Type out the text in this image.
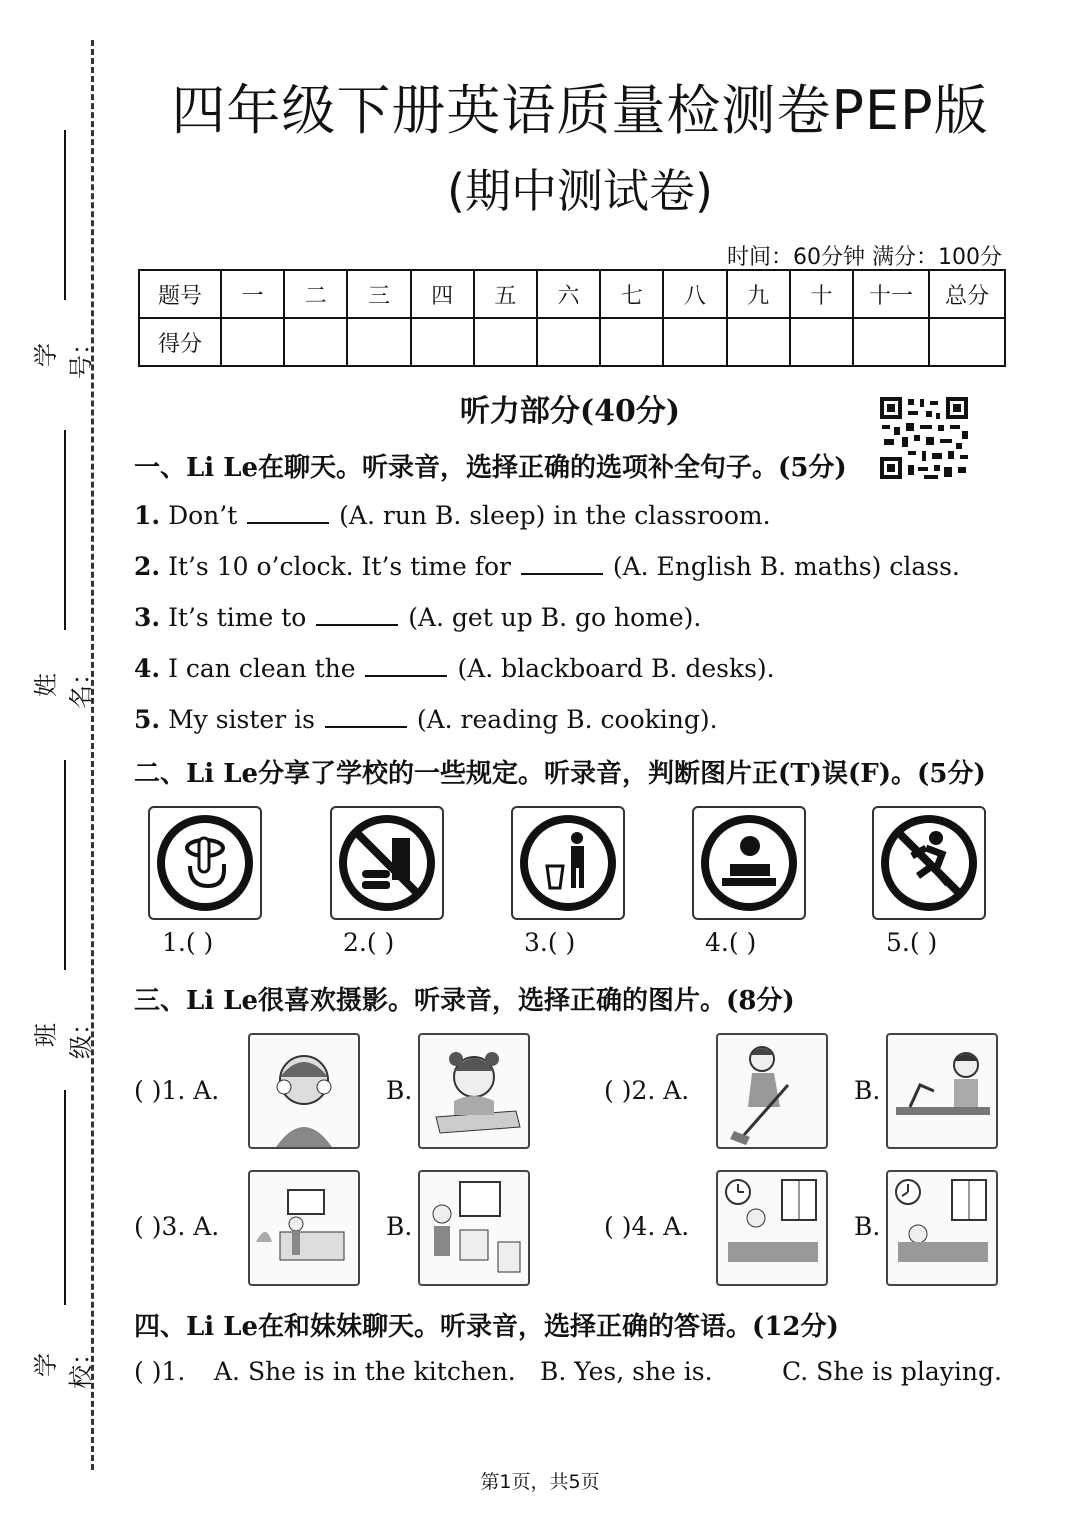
学号：
姓名：
班级：
学校：
四年级下册英语质量检测卷PEP版
(期中测试卷)
时间：60分钟 满分：100分
题号	一	二	三	四	五	六	七	八	九	十	十一	总分
得分												
听力部分(40分)
一、Li Le在聊天。听录音，选择正确的选项补全句子。(5分)
1. Don’t	(A. run B. sleep) in the classroom.
2. It’s 10 o’clock. It’s time for	(A. English B. maths) class.
3. It’s time to	(A. get up B. go home).
4. I can clean the	(A. blackboard B. desks).
5. My sister is	(A. reading B. cooking).
二、Li Le分享了学校的一些规定。听录音，判断图片正(T)误(F)。(5分)
1.( )	2.( )	3.( )	4.( )	5.( )
三、Li Le很喜欢摄影。听录音，选择正确的图片。(8分)
( )1. A.	B.	( )2. A.	B.
( )3. A.	B.	( )4. A.	B.
四、Li Le在和妹妹聊天。听录音，选择正确的答语。(12分)
( )1. A. She is in the kitchen. B. Yes, she is.	C. She is playing.
第1页，共5页
